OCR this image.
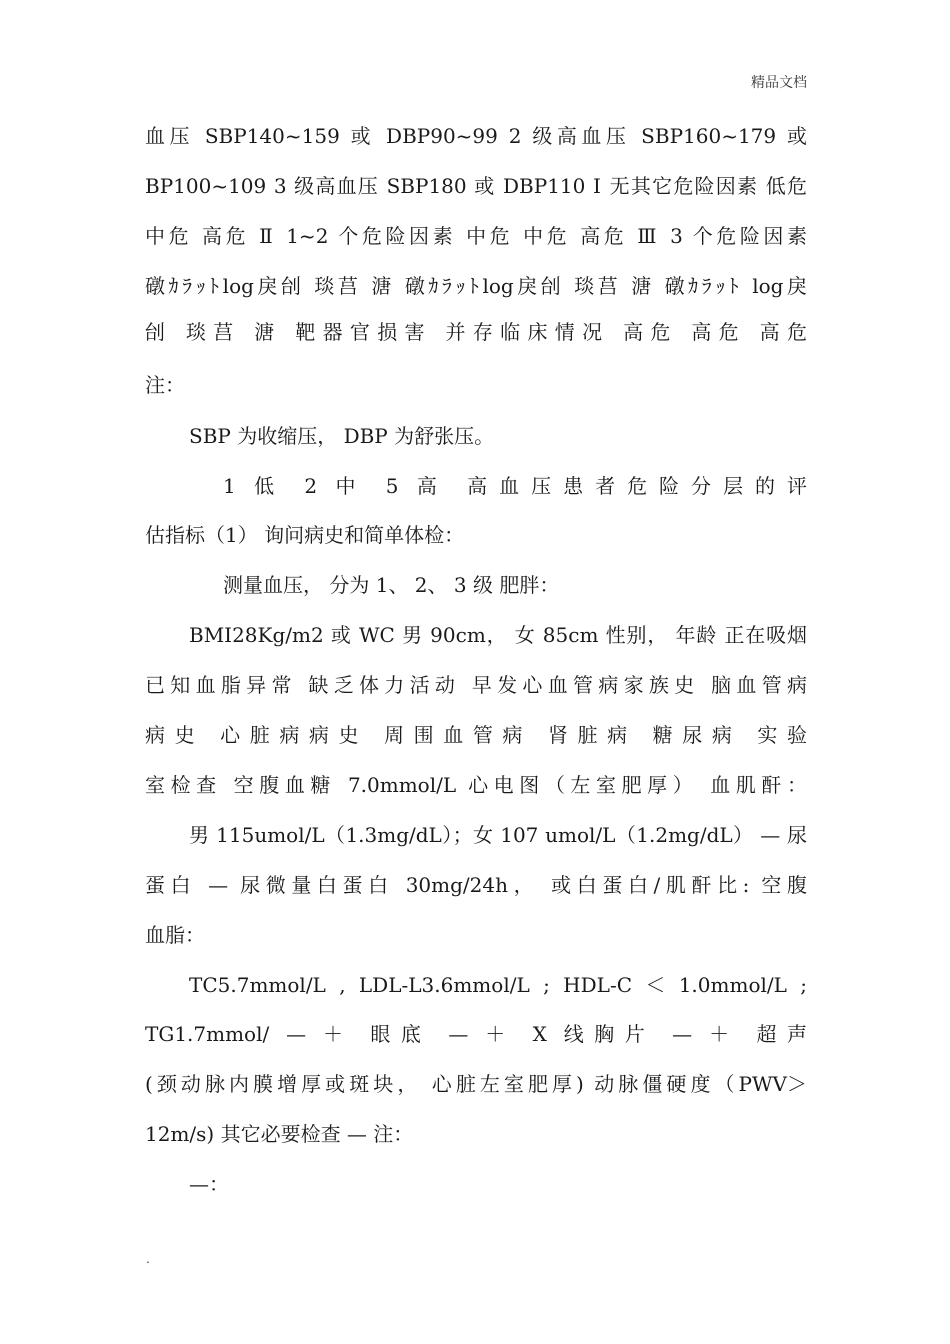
精品文档
血压 SBP140~159 或 DBP90~99 2 级高血压 SBP160~179 或
BP100~109 3 级高血压 SBP180 或 DBP110 Ⅰ 无其它危险因素 低危
中危 高危 Ⅱ 1~2 个危险因素 中危 中危 高危 Ⅲ 3 个危险因素
礅ｶﾗｯﾄlog戾刣 琰莒 溏 礅ｶﾗｯﾄlog戾刣 琰莒 溏 礅ｶﾗｯﾄ log戾
刣 琰莒 溏 靶器官损害 并存临床情况 高危 高危 高危
注：
SBP 为收缩压， DBP 为舒张压。
1 低 2 中 5 高 高血压患者危险分层的评
估指标（1） 询问病史和简单体检：
测量血压， 分为 1、 2、 3 级 肥胖：
BMI28Kg/m2 或 WC 男 90cm， 女 85cm 性别， 年龄 正在吸烟
已知血脂异常 缺乏体力活动 早发心血管病家族史 脑血管病
病史 心脏病病史 周围血管病 肾脏病 糖尿病 实验
室检查 空腹血糖 7.0mmol/L 心电图（左室肥厚） 血肌酐：
男 115umol/L（1.3mg/dL）；女 107 umol/L（1.2mg/dL） — 尿
蛋白 — 尿微量白蛋白 30mg/24h， 或白蛋白/肌酐比: 空腹
血脂：
TC5.7mmol/L , LDL-L3.6mmol/L ; HDL-C ＜ 1.0mmol/L ;
TG1.7mmol/ — ＋ 眼底 — ＋ X 线胸片 — ＋ 超声
(颈动脉内膜增厚或斑块， 心脏左室肥厚) 动脉僵硬度（PWV＞
12m/s) 其它必要检查 — 注：
—：
.
